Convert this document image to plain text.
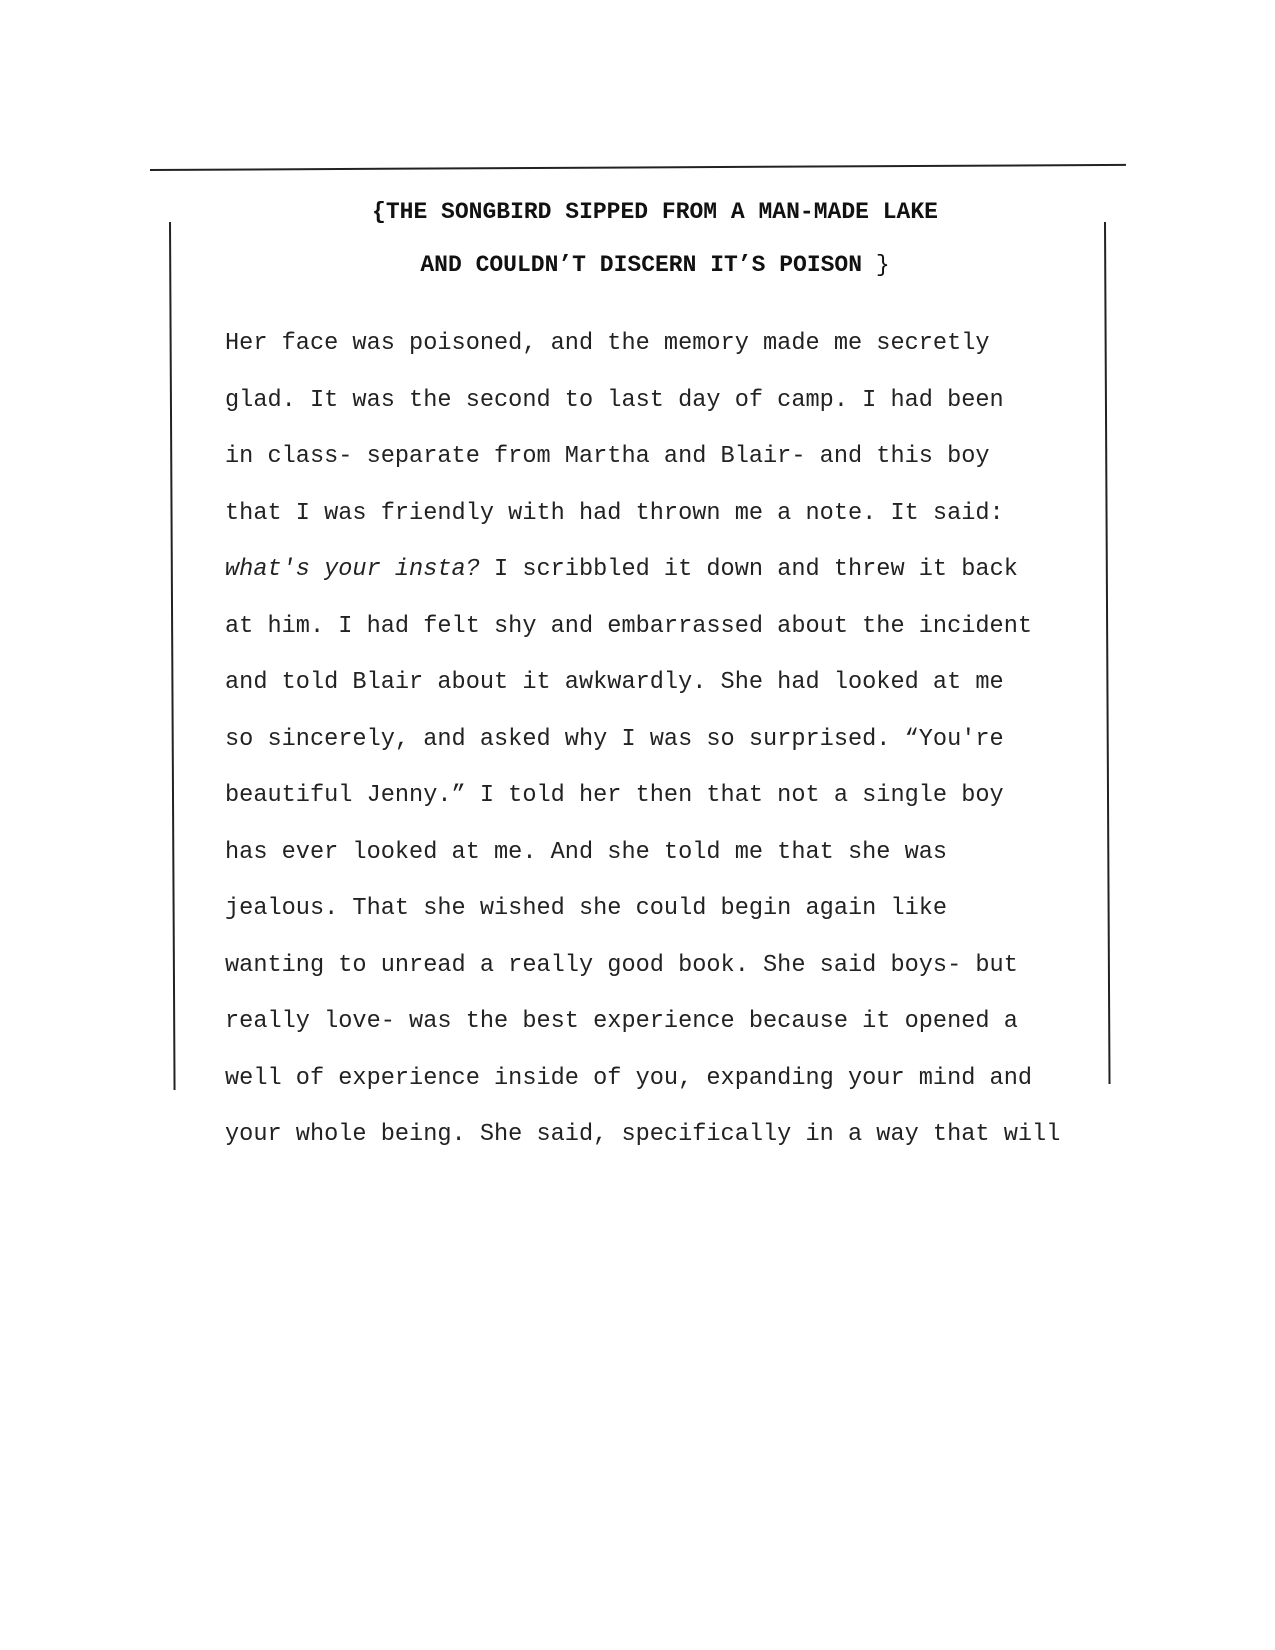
{THE SONGBIRD SIPPED FROM A MAN-MADE LAKE
AND COULDN’T DISCERN IT’S POISON }
Her face was poisoned, and the memory made me secretly
glad. It was the second to last day of camp. I had been
in class- separate from Martha and Blair- and this boy
that I was friendly with had thrown me a note. It said:
what's your insta? I scribbled it down and threw it back
at him. I had felt shy and embarrassed about the incident
and told Blair about it awkwardly. She had looked at me
so sincerely, and asked why I was so surprised. “You're
beautiful Jenny.” I told her then that not a single boy
has ever looked at me. And she told me that she was
jealous. That she wished she could begin again like
wanting to unread a really good book. She said boys- but
really love- was the best experience because it opened a
well of experience inside of you, expanding your mind and
your whole being. She said, specifically in a way that will
